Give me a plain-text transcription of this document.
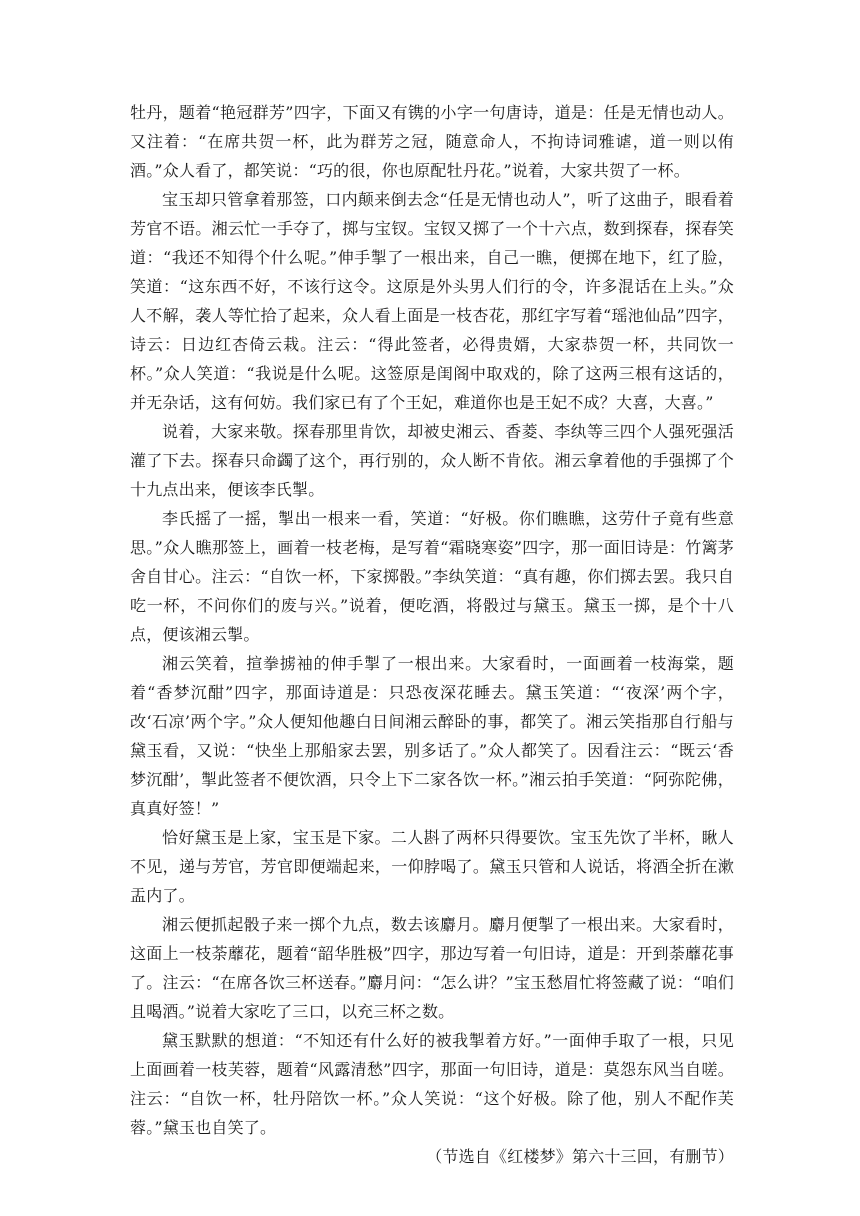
牡丹，题着“艳冠群芳”四字，下面又有镌的小字一句唐诗，道是：任是无情也动人。又注着：“在席共贺一杯，此为群芳之冠，随意命人，不拘诗词雅谑，道一则以侑酒。”众人看了，都笑说：“巧的很，你也原配牡丹花。”说着，大家共贺了一杯。

宝玉却只管拿着那签，口内颠来倒去念“任是无情也动人”，听了这曲子，眼看着芳官不语。湘云忙一手夺了，掷与宝钗。宝钗又掷了一个十六点，数到探春，探春笑道：“我还不知得个什么呢。”伸手掣了一根出来，自己一瞧，便掷在地下，红了脸，笑道：“这东西不好，不该行这令。这原是外头男人们行的令，许多混话在上头。”众人不解，袭人等忙拾了起来，众人看上面是一枝杏花，那红字写着“瑶池仙品”四字，诗云：日边红杏倚云栽。注云：“得此签者，必得贵婿，大家恭贺一杯，共同饮一杯。”众人笑道：“我说是什么呢。这签原是闺阁中取戏的，除了这两三根有这话的，并无杂话，这有何妨。我们家已有了个王妃，难道你也是王妃不成？大喜，大喜。”

说着，大家来敬。探春那里肯饮，却被史湘云、香菱、李纨等三四个人强死强活灌了下去。探春只命蠲了这个，再行别的，众人断不肯依。湘云拿着他的手强掷了个十九点出来，便该李氏掣。

李氏摇了一摇，掣出一根来一看，笑道：“好极。你们瞧瞧，这劳什子竟有些意思。”众人瞧那签上，画着一枝老梅，是写着“霜晓寒姿”四字，那一面旧诗是：竹篱茅舍自甘心。注云：“自饮一杯，下家掷骰。”李纨笑道：“真有趣，你们掷去罢。我只自吃一杯，不问你们的废与兴。”说着，便吃酒，将骰过与黛玉。黛玉一掷，是个十八点，便该湘云掣。

湘云笑着，揎拳掳袖的伸手掣了一根出来。大家看时，一面画着一枝海棠，题着“香梦沉酣”四字，那面诗道是：只恐夜深花睡去。黛玉笑道：“‘夜深’两个字，改‘石凉’两个字。”众人便知他趣白日间湘云醉卧的事，都笑了。湘云笑指那自行船与黛玉看，又说：“快坐上那船家去罢，别多话了。”众人都笑了。因看注云：“既云‘香梦沉酣’，掣此签者不便饮酒，只令上下二家各饮一杯。”湘云拍手笑道：“阿弥陀佛，真真好签！”

恰好黛玉是上家，宝玉是下家。二人斟了两杯只得要饮。宝玉先饮了半杯，瞅人不见，递与芳官，芳官即便端起来，一仰脖喝了。黛玉只管和人说话，将酒全折在漱盂内了。

湘云便抓起骰子来一掷个九点，数去该麝月。麝月便掣了一根出来。大家看时，这面上一枝荼蘼花，题着“韶华胜极”四字，那边写着一句旧诗，道是：开到荼蘼花事了。注云：“在席各饮三杯送春。”麝月问：“怎么讲？”宝玉愁眉忙将签藏了说：“咱们且喝酒。”说着大家吃了三口，以充三杯之数。

黛玉默默的想道：“不知还有什么好的被我掣着方好。”一面伸手取了一根，只见上面画着一枝芙蓉，题着“风露清愁”四字，那面一句旧诗，道是：莫怨东风当自嗟。注云：“自饮一杯，牡丹陪饮一杯。”众人笑说：“这个好极。除了他，别人不配作芙蓉。”黛玉也自笑了。

（节选自《红楼梦》第六十三回，有删节）
